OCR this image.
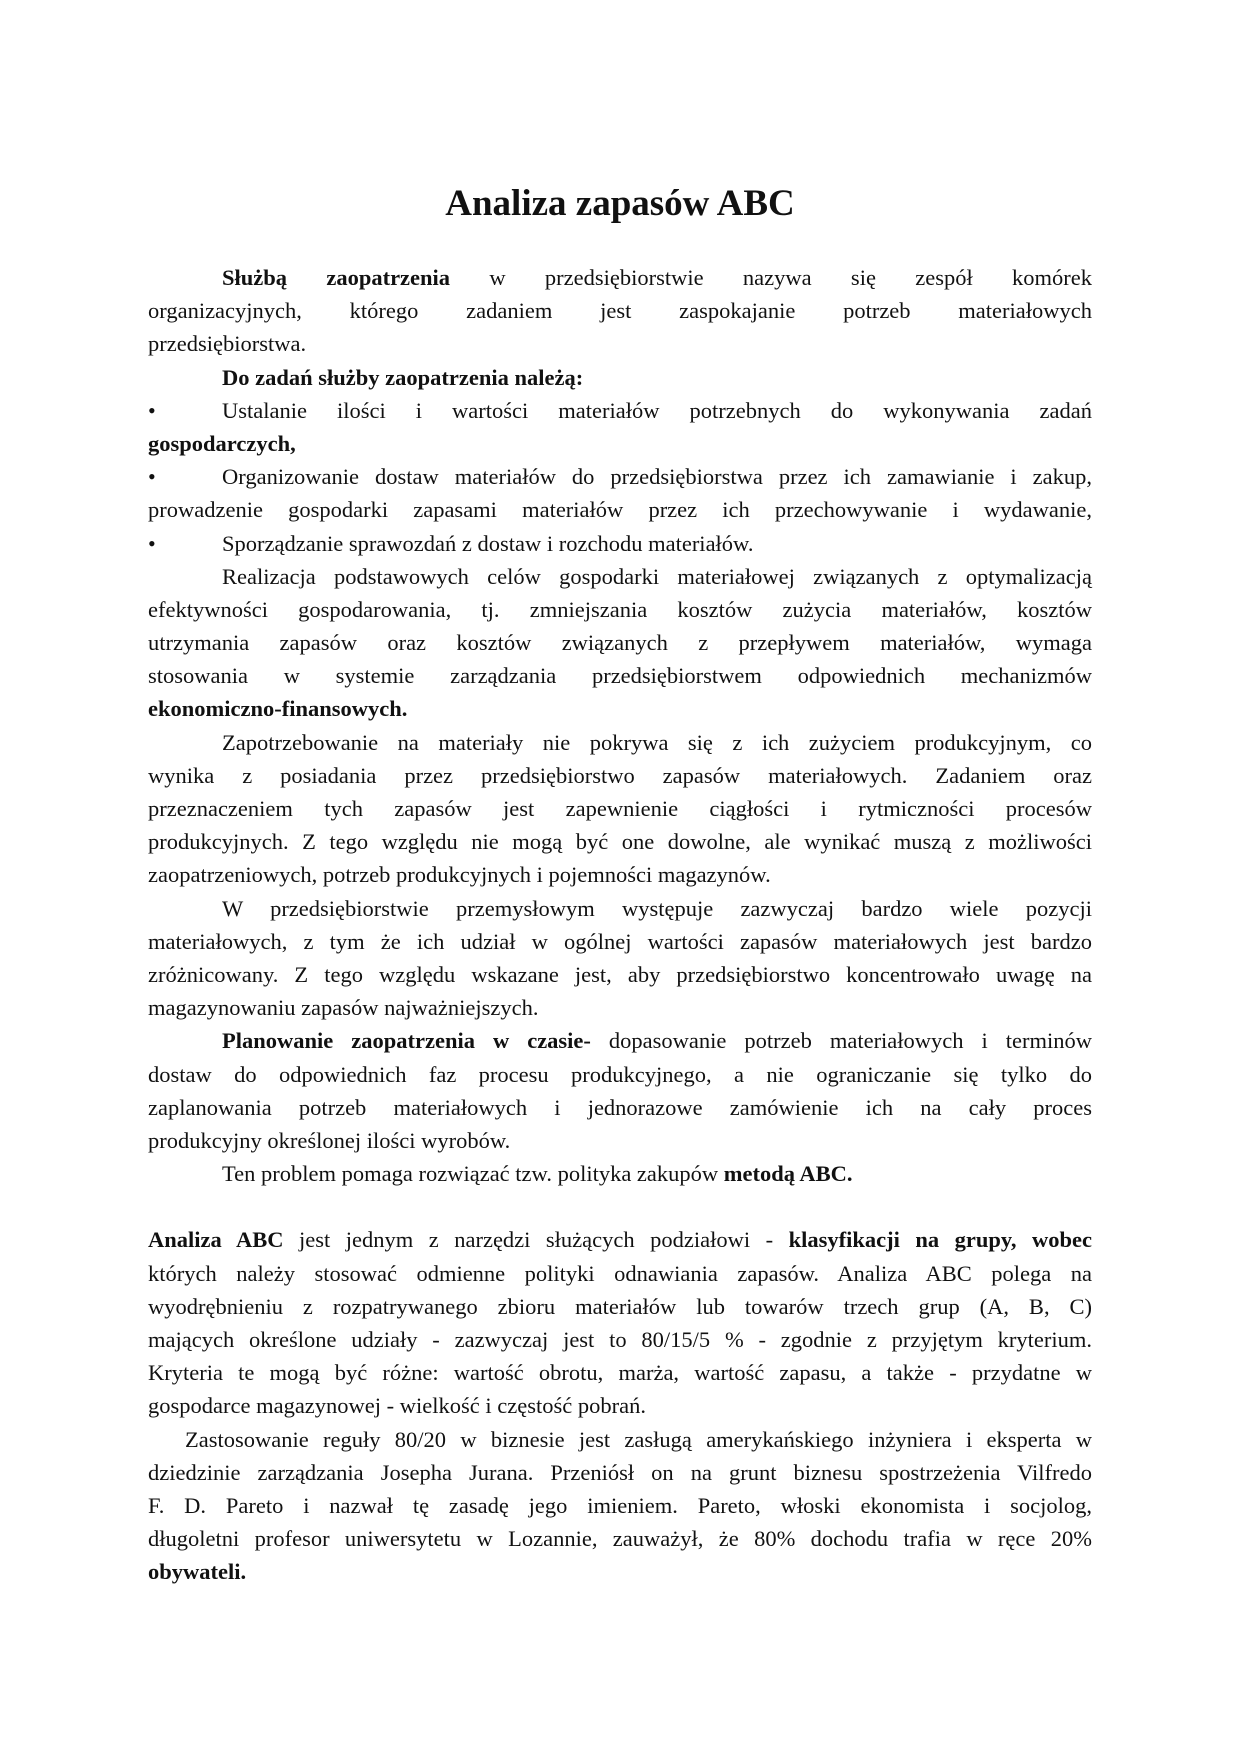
Analiza zapasów ABC
Służbą zaopatrzenia w przedsiębiorstwie nazywa się zespół komórek
organizacyjnych, którego zadaniem jest zaspokajanie potrzeb materiałowych
przedsiębiorstwa.
Do zadań służby zaopatrzenia należą:
•	Ustalanie ilości i wartości materiałów potrzebnych do wykonywania zadań
gospodarczych,
•	Organizowanie dostaw materiałów do przedsiębiorstwa przez ich zamawianie i zakup,
prowadzenie gospodarki zapasami materiałów przez ich przechowywanie i wydawanie,
•	Sporządzanie sprawozdań z dostaw i rozchodu materiałów.
Realizacja podstawowych celów gospodarki materiałowej związanych z optymalizacją
efektywności gospodarowania, tj. zmniejszania kosztów zużycia materiałów, kosztów
utrzymania zapasów oraz kosztów związanych z przepływem materiałów, wymaga
stosowania w systemie zarządzania przedsiębiorstwem odpowiednich mechanizmów
ekonomiczno-finansowych.
Zapotrzebowanie na materiały nie pokrywa się z ich zużyciem produkcyjnym, co
wynika z posiadania przez przedsiębiorstwo zapasów materiałowych. Zadaniem oraz
przeznaczeniem tych zapasów jest zapewnienie ciągłości i rytmiczności procesów
produkcyjnych. Z tego względu nie mogą być one dowolne, ale wynikać muszą z możliwości
zaopatrzeniowych, potrzeb produkcyjnych i pojemności magazynów.
W przedsiębiorstwie przemysłowym występuje zazwyczaj bardzo wiele pozycji
materiałowych, z tym że ich udział w ogólnej wartości zapasów materiałowych jest bardzo
zróżnicowany. Z tego względu wskazane jest, aby przedsiębiorstwo koncentrowało uwagę na
magazynowaniu zapasów najważniejszych.
Planowanie zaopatrzenia w czasie- dopasowanie potrzeb materiałowych i terminów
dostaw do odpowiednich faz procesu produkcyjnego, a nie ograniczanie się tylko do
zaplanowania potrzeb materiałowych i jednorazowe zamówienie ich na cały proces
produkcyjny określonej ilości wyrobów.
Ten problem pomaga rozwiązać tzw. polityka zakupów metodą ABC.
Analiza ABC jest jednym z narzędzi służących podziałowi - klasyfikacji na grupy, wobec
których należy stosować odmienne polityki odnawiania zapasów. Analiza ABC polega na
wyodrębnieniu z rozpatrywanego zbioru materiałów lub towarów trzech grup (A, B, C)
mających określone udziały - zazwyczaj jest to 80/15/5 % - zgodnie z przyjętym kryterium.
Kryteria te mogą być różne: wartość obrotu, marża, wartość zapasu, a także - przydatne w
gospodarce magazynowej - wielkość i częstość pobrań.
Zastosowanie reguły 80/20 w biznesie jest zasługą amerykańskiego inżyniera i eksperta w
dziedzinie zarządzania Josepha Jurana. Przeniósł on na grunt biznesu spostrzeżenia Vilfredo
F. D. Pareto i nazwał tę zasadę jego imieniem. Pareto, włoski ekonomista i socjolog,
długoletni profesor uniwersytetu w Lozannie, zauważył, że 80% dochodu trafia w ręce 20%
obywateli.
